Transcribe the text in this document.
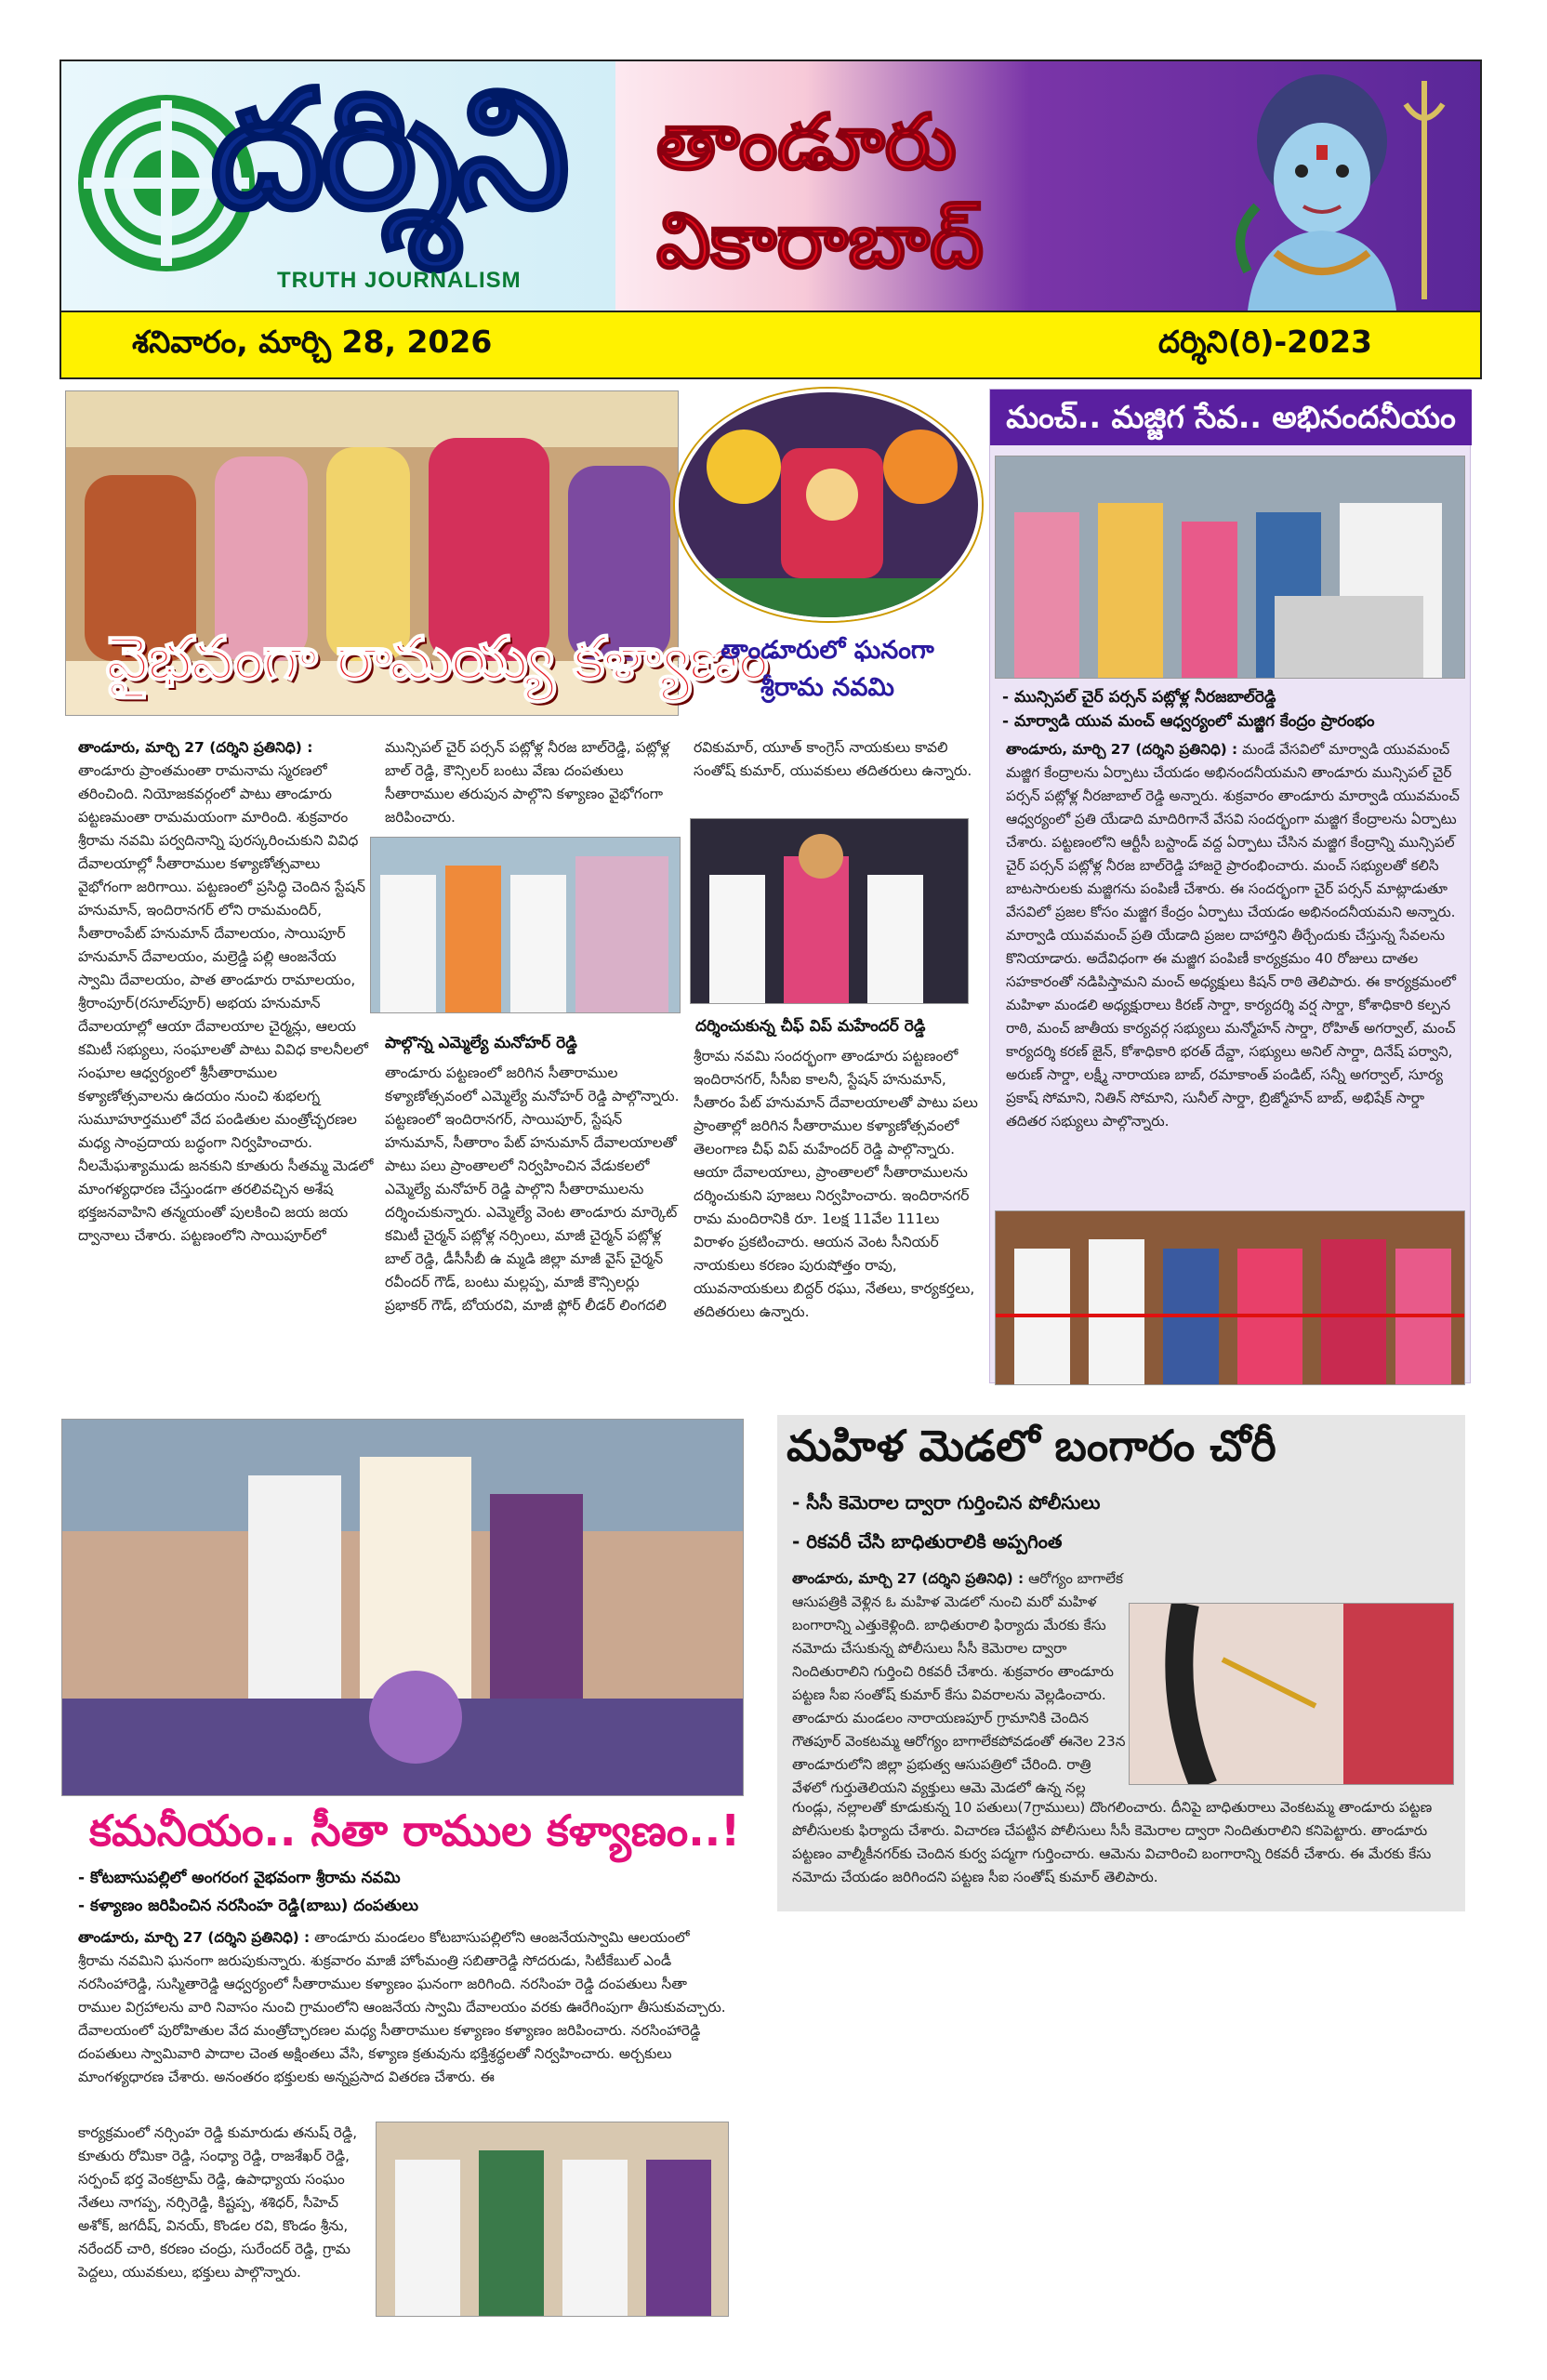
దర్శిని
TRUTH JOURNALISM
తాండూరు
వికారాబాద్
శనివారం, మార్చి 28, 2026	దర్శిని(రి)-2023
వైభవంగా రామయ్య కళ్యాణం
తాండూరులో ఘనంగా శ్రీరామ నవమి
తాండూరు, మార్చి 27 (దర్శిని ప్రతినిధి) : తాండూరు ప్రాంతమంతా రామనామ స్మరణలో తరించింది. నియోజకవర్గంలో పాటు తాండూరు పట్టణమంతా రామమయంగా మారింది. శుక్రవారం శ్రీరామ నవమి పర్వదినాన్ని పురస్కరించుకుని వివిధ దేవాలయాల్లో సీతారాముల కళ్యాణోత్సవాలు వైభోగంగా జరిగాయి. పట్టణంలో ప్రసిద్ధి చెందిన స్టేషన్ హనుమాన్, ఇందిరానగర్ లోని రామమందిర్, సీతారాంపేట్ హనుమాన్ దేవాలయం, సాయిపూర్ హనుమాన్ దేవాలయం, మల్రెడ్డి పల్లి ఆంజనేయ స్వామి దేవాలయం, పాత తాండూరు రామాలయం, శ్రీరాంపూర్(రసూల్‌పూర్) అభయ హనుమాన్ దేవాలయాల్లో ఆయా దేవాలయాల చైర్మన్లు, ఆలయ కమిటీ సభ్యులు, సంఘాలతో పాటు వివిధ కాలనీలలో సంఘాల ఆధ్వర్యంలో శ్రీసీతారాముల కళ్యాణోత్సవాలను ఉదయం నుంచి శుభలగ్న సుమూహూర్తములో వేద పండితుల మంత్రోచ్ఛరణల మధ్య సాంప్రదాయ బద్ధంగా నిర్వహించారు. నీలమేఘశ్యాముడు జనకుని కూతురు సీతమ్మ మెడలో మాంగళ్యధారణ చేస్తుండగా తరలివచ్చిన అశేష భక్తజనవాహిని తన్మయంతో పులకించి జయ జయ ద్వానాలు చేశారు. పట్టణంలోని సాయిపూర్‌లో
మున్సిపల్ చైర్ పర్సన్ పట్లోళ్ల నీరజ బాల్‌రెడ్డి, పట్లోళ్ల బాల్ రెడ్డి, కౌన్సిలర్ బంటు వేణు దంపతులు సీతారాముల తరుపున పాల్గొని కళ్యాణం వైభోగంగా జరిపించారు.
పాల్గొన్న ఎమ్మెల్యే మనోహర్ రెడ్డి
తాండూరు పట్టణంలో జరిగిన సీతారాముల కళ్యాణోత్సవంలో ఎమ్మెల్యే మనోహర్ రెడ్డి పాల్గొన్నారు. పట్టణంలో ఇందిరానగర్, సాయిపూర్, స్టేషన్ హనుమాన్, సీతారాం పేట్ హనుమాన్ దేవాలయాలతో పాటు పలు ప్రాంతాలలో నిర్వహించిన వేడుకలలో ఎమ్మెల్యే మనోహర్ రెడ్డి పాల్గొని సీతారాములను దర్శించుకున్నారు. ఎమ్మెల్యే వెంట తాండూరు మార్కెట్ కమిటీ చైర్మన్ పట్లోళ్ల నర్సింలు, మాజీ చైర్మన్ పట్లోళ్ల బాల్ రెడ్డి, డీసీసీబీ ఉ మ్మడి జిల్లా మాజీ వైస్ చైర్మన్ రవీందర్ గౌడ్, బంటు మల్లప్ప, మాజీ కౌన్సిలర్లు ప్రభాకర్ గౌడ్, బోయరవి, మాజీ ఫ్లోర్ లీడర్ లింగదలి
రవికుమార్, యూత్ కాంగ్రెస్ నాయకులు కావలి సంతోష్ కుమార్, యువకులు తదితరులు ఉన్నారు.
దర్శించుకున్న చీఫ్ విప్ మహేందర్ రెడ్డి
శ్రీరామ నవమి సందర్భంగా తాండూరు పట్టణంలో ఇందిరానగర్, సీసీఐ కాలనీ, స్టేషన్ హనుమాన్, సీతారం పేట్ హనుమాన్ దేవాలయాలతో పాటు పలు ప్రాంతాల్లో జరిగిన సీతారాముల కళ్యాణోత్సవంలో తెలంగాణ చీఫ్ విప్ మహేందర్ రెడ్డి పాల్గొన్నారు. ఆయా దేవాలయాలు, ప్రాంతాలలో సీతారాములను దర్శించుకుని పూజలు నిర్వహించారు. ఇందిరానగర్ రామ మందిరానికి రూ. 1లక్ష 11వేల 111లు విరాళం ప్రకటించారు. ఆయన వెంట సీనియర్ నాయకులు కరణం పురుషోత్తం రావు, యువనాయకులు బిద్దర్ రఘు, నేతలు, కార్యకర్తలు, తదితరులు ఉన్నారు.
మంచ్.. మజ్జిగ సేవ.. అభినందనీయం
- మున్సిపల్ చైర్ పర్సన్ పట్లోళ్ల నీరజబాల్‌రెడ్డి
- మార్వాడి యువ మంచ్ ఆధ్వర్యంలో మజ్జిగ కేంద్రం ప్రారంభం
తాండూరు, మార్చి 27 (దర్శిని ప్రతినిధి) : మండే వేసవిలో మార్వాడి యువమంచ్ మజ్జిగ కేంద్రాలను ఏర్పాటు చేయడం అభినందనీయమని తాండూరు మున్సిపల్ చైర్ పర్సన్ పట్లోళ్ల నీరజాబాల్ రెడ్డి అన్నారు. శుక్రవారం తాండూరు మార్వాడి యువమంచ్ ఆధ్వర్యంలో ప్రతి యేడాది మాదిరిగానే వేసవి సందర్భంగా మజ్జిగ కేంద్రాలను ఏర్పాటు చేశారు. పట్టణంలోని ఆర్టీసీ బస్టాండ్ వద్ద ఏర్పాటు చేసిన మజ్జిగ కేంద్రాన్ని మున్సిపల్ చైర్ పర్సన్ పట్లోళ్ల నీరజ బాల్‌రెడ్డి హాజరై ప్రారంభించారు. మంచ్ సభ్యులతో కలిసి బాటసారులకు మజ్జిగను పంపిణీ చేశారు. ఈ సందర్భంగా చైర్ పర్సన్ మాట్లాడుతూ వేసవిలో ప్రజల కోసం మజ్జిగ కేంద్రం ఏర్పాటు చేయడం అభినందనీయమని అన్నారు. మార్వాడి యువమంచ్ ప్రతి యేడాది ప్రజల దాహార్తిని తీర్చేందుకు చేస్తున్న సేవలను కొనియాడారు. అదేవిధంగా ఈ మజ్జిగ పంపిణీ కార్యక్రమం 40 రోజులు దాతల సహకారంతో నడిపిస్తామని మంచ్ అధ్యక్షులు కిషన్ రాఠి తెలిపారు. ఈ కార్యక్రమంలో మహిళా మండలి అధ్యక్షురాలు కిరణ్ సార్డా, కార్యదర్శి వర్ష సార్డా, కోశాధికారి కల్పన రాఠి, మంచ్ జాతీయ కార్యవర్గ సభ్యులు మన్మోహన్ సార్డా, రోహిత్ అగర్వాల్, మంచ్ కార్యదర్శి కరణ్ జైన్, కోశాధికారి భరత్ దేవ్డా, సభ్యులు అనిల్ సార్డా, దినేష్ పర్వాని, అరుణ్ సార్డా, లక్ష్మీ నారాయణ బాబ్, రమాకాంత్ పండిట్, సన్నీ అగర్వాల్, సూర్య ప్రకాష్ సోమాని, నితిన్ సోమాని, సునీల్ సార్డా, బ్రిజ్మోహన్ బాబ్, అభిషేక్ సార్డా తదితర సభ్యులు పాల్గొన్నారు.
కమనీయం.. సీతా రాముల కళ్యాణం..!
- కోటబాసుపల్లిలో అంగరంగ వైభవంగా శ్రీరామ నవమి
- కళ్యాణం జరిపించిన నరసింహ రెడ్డి(బాబు) దంపతులు
తాండూరు, మార్చి 27 (దర్శిని ప్రతినిధి) : తాండూరు మండలం కోటబాసుపల్లిలోని ఆంజనేయస్వామి ఆలయంలో శ్రీరామ నవమిని ఘనంగా జరుపుకున్నారు. శుక్రవారం మాజీ హోంమంత్రి సబితారెడ్డి సోదరుడు, సిటీకేబుల్ ఎండీ నరసింహారెడ్డి, సుస్మితారెడ్డి ఆధ్వర్యంలో సీతారాముల కళ్యాణం ఘనంగా జరిగింది. నరసింహ రెడ్డి దంపతులు సీతా రాముల విగ్రహాలను వారి నివాసం నుంచి గ్రామంలోని ఆంజనేయ స్వామి దేవాలయం వరకు ఊరేగింపుగా తీసుకువచ్చారు. దేవాలయంలో పురోహితుల వేద మంత్రోచ్ఛారణల మధ్య సీతారాముల కళ్యాణం కళ్యాణం జరిపించారు. నరసింహారెడ్డి దంపతులు స్వామివారి పాదాల చెంత అక్షింతలు వేసి, కళ్యాణ క్రతువును భక్తిశ్రద్ధలతో నిర్వహించారు. అర్చకులు మాంగళ్యధారణ చేశారు. అనంతరం భక్తులకు అన్నప్రసాద వితరణ చేశారు. ఈ
కార్యక్రమంలో నర్సింహ రెడ్డి కుమారుడు తనుష్ రెడ్డి, కూతురు రోమికా రెడ్డి, సంధ్యా రెడ్డి, రాజశేఖర్ రెడ్డి, సర్పంచ్ భర్త వెంకట్రామ్ రెడ్డి, ఉపాధ్యాయ సంఘం నేతలు నాగప్ప, నర్సిరెడ్డి, కిష్టప్ప, శశిధర్, సీహెచ్ అశోక్, జగదీష్, వినయ్, కొండల రవి, కొండం శ్రీను, నరేందర్ చారి, కరణం చంద్రు, సురేందర్ రెడ్డి, గ్రామ పెద్దలు, యువకులు, భక్తులు పాల్గొన్నారు.
మహిళ మెడలో బంగారం చోరీ
- సీసీ కెమెరాల ద్వారా గుర్తించిన పోలీసులు
- రికవరీ చేసి బాధితురాలికి అప్పగింత
తాండూరు, మార్చి 27 (దర్శిని ప్రతినిధి) : ఆరోగ్యం బాగాలేక ఆసుపత్రికి వెళ్లిన ఓ మహిళ మెడలో నుంచి మరో మహిళ బంగారాన్ని ఎత్తుకెళ్లింది. బాధితురాలి ఫిర్యాదు మేరకు కేసు నమోదు చేసుకున్న పోలీసులు సీసీ కెమెరాల ద్వారా నిందితురాలిని గుర్తించి రికవరీ చేశారు. శుక్రవారం తాండూరు పట్టణ సీఐ సంతోష్ కుమార్ కేసు వివరాలను వెల్లడించారు. తాండూరు మండలం నారాయణపూర్ గ్రామానికి చెందిన గౌతపూర్ వెంకటమ్మ ఆరోగ్యం బాగాలేకపోవడంతో ఈనెల 23న తాండూరులోని జిల్లా ప్రభుత్వ ఆసుపత్రిలో చేరింది. రాత్రి వేళలో గుర్తుతెలియని వ్యక్తులు ఆమె మెడలో ఉన్న నల్ల
గుండ్లు, నల్లాలతో కూడుకున్న 10 పతులు(7గ్రాములు) దొంగలించారు. దీనిపై బాధితురాలు వెంకటమ్మ తాండూరు పట్టణ పోలీసులకు ఫిర్యాదు చేశారు. విచారణ చేపట్టిన పోలీసులు సీసీ కెమెరాల ద్వారా నిందితురాలిని కనిపెట్టారు. తాండూరు పట్టణం వాల్మీకీనగర్‌కు చెందిన కుర్వ పద్మగా గుర్తించారు. ఆమెను విచారించి బంగారాన్ని రికవరీ చేశారు. ఈ మేరకు కేసు నమోదు చేయడం జరిగిందని పట్టణ సీఐ సంతోష్ కుమార్ తెలిపారు.
